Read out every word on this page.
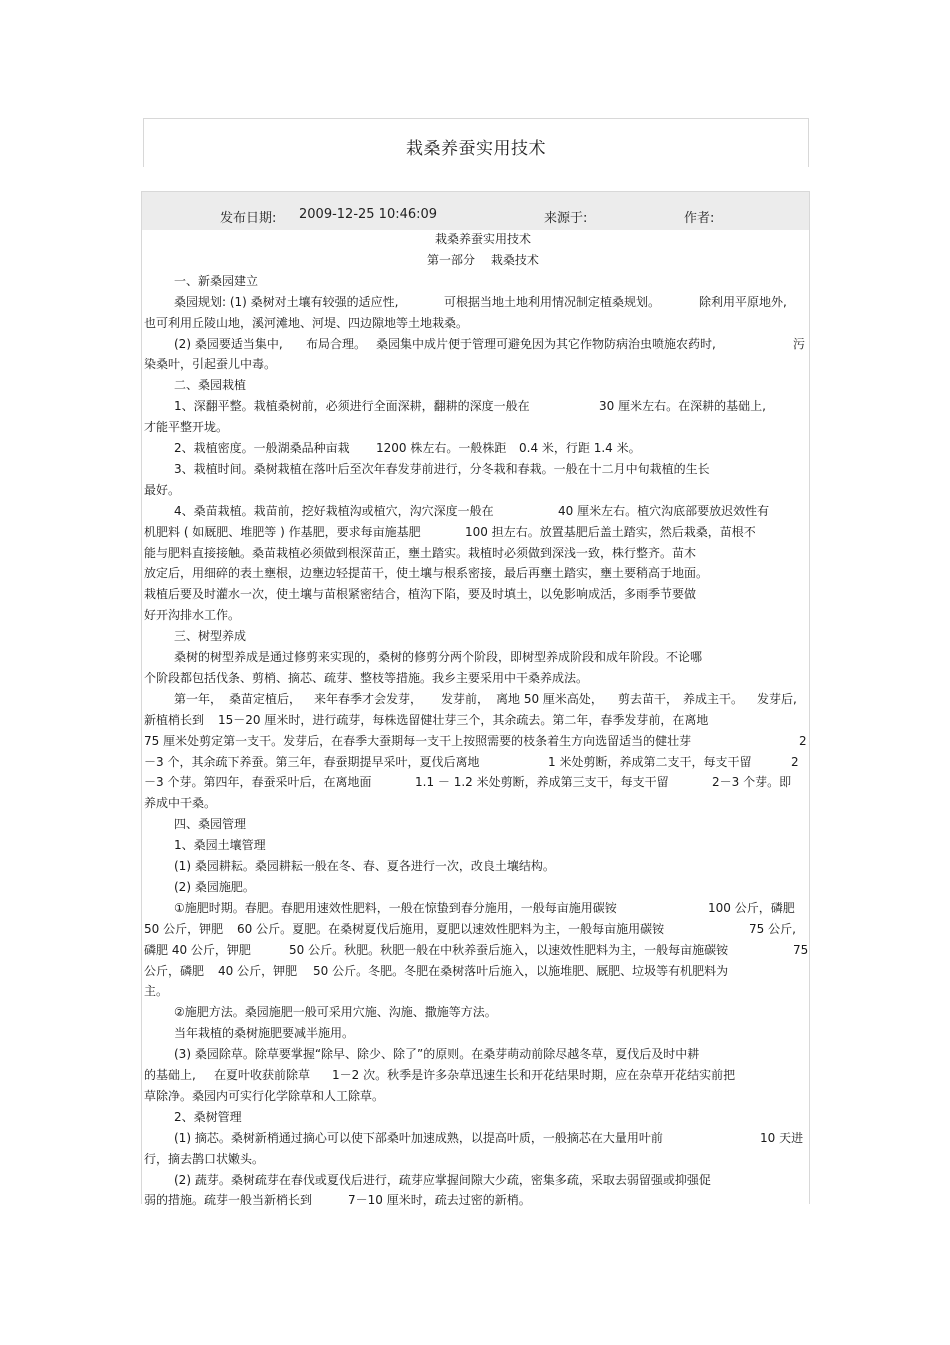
栽桑养蚕实用技术
发布日期: 2009-12-25 10:46:09	来源于:	作者:
栽桑养蚕实用技术
第一部分　 栽桑技术
一、新桑园建立
桑园规划: (1) 桑树对土壤有较强的适应性,	可根据当地土地利用情况制定植桑规划。	除利用平原地外,
也可利用丘陵山地，溪河滩地、河堤、四边隙地等土地栽桑。
(2) 桑园要适当集中, 布局合理。 桑园集中成片便于管理可避免因为其它作物防病治虫喷施农药时,	污
染桑叶，引起蚕儿中毒。
二、桑园栽植
1、深翻平整。栽植桑树前，必须进行全面深耕，翻耕的深度一般在	30 厘米左右。在深耕的基础上,
才能平整开垅。
2、栽植密度。一般湖桑品种亩栽 1200 株左右。一般株距 0.4 米，行距 1.4 米。
3、栽植时间。桑树栽植在落叶后至次年春发芽前进行，分冬栽和春栽。一般在十二月中旬栽植的生长
最好。
4、桑苗栽植。栽苗前，挖好栽植沟或植穴，沟穴深度一般在	40 厘米左右。植穴沟底部要放迟效性有
机肥料 ( 如厩肥、堆肥等 ) 作基肥，要求每亩施基肥	100 担左右。放置基肥后盖土踏实，然后栽桑，苗根不
能与肥料直接接触。桑苗栽植必须做到根深苗正，壅土踏实。栽植时必须做到深浅一致，株行整齐。苗木
放定后，用细碎的表土壅根，边壅边轻提苗干，使土壤与根系密接，最后再壅土踏实，壅土要稍高于地面。
栽植后要及时灌水一次，使土壤与苗根紧密结合，植沟下陷，要及时填土，以免影响成活，多雨季节要做
好开沟排水工作。
三、树型养成
桑树的树型养成是通过修剪来实现的，桑树的修剪分两个阶段，即树型养成阶段和成年阶段。不论哪
个阶段都包括伐条、剪梢、摘芯、疏芽、整枝等措施。我乡主要采用中干桑养成法。
第一年， 桑苗定植后， 来年春季才会发芽， 发芽前， 离地 50 厘米高处， 剪去苗干， 养成主干。 发芽后,
新植梢长到 15－20 厘米时，进行疏芽，每株选留健壮芽三个，其余疏去。第二年，春季发芽前，在离地
75 厘米处剪定第一支干。发芽后，在春季大蚕期每一支干上按照需要的枝条着生方向选留适当的健壮芽	2
－3 个，其余疏下养蚕。第三年，春蚕期提早采叶，夏伐后离地	1 米处剪断，养成第二支干，每支干留	2
－3 个芽。第四年，春蚕采叶后，在离地面	1.1 － 1.2 米处剪断，养成第三支干，每支干留	2－3 个芽。即
养成中干桑。
四、桑园管理
1、桑园土壤管理
(1) 桑园耕耘。桑园耕耘一般在冬、春、夏各进行一次，改良土壤结构。
(2) 桑园施肥。
①施肥时期。春肥。春肥用速效性肥料，一般在惊蛰到春分施用，一般每亩施用碳铵	100 公斤，磷肥
50 公斤，钾肥 60 公斤。夏肥。在桑树夏伐后施用，夏肥以速效性肥料为主，一般每亩施用碳铵	75 公斤,
磷肥 40 公斤，钾肥	50 公斤。秋肥。秋肥一般在中秋养蚕后施入，以速效性肥料为主，一般每亩施碳铵	75
公斤，磷肥 40 公斤，钾肥 50 公斤。冬肥。冬肥在桑树落叶后施入，以施堆肥、厩肥、垃圾等有机肥料为
主。
②施肥方法。桑园施肥一般可采用穴施、沟施、撒施等方法。
当年栽植的桑树施肥要减半施用。
(3) 桑园除草。除草要掌握“除早、除少、除了”的原则。在桑芽萌动前除尽越冬草，夏伐后及时中耕
的基础上, 在夏叶收获前除草 1－2 次。秋季是许多杂草迅速生长和开花结果时期，应在杂草开花结实前把
草除净。桑园内可实行化学除草和人工除草。
2、桑树管理
(1) 摘芯。桑树新梢通过摘心可以使下部桑叶加速成熟，以提高叶质，一般摘芯在大量用叶前	10 天进
行，摘去鹊口状嫩头。
(2) 蔬芽。桑树疏芽在春伐或夏伐后进行，疏芽应掌握间隙大少疏，密集多疏，采取去弱留强或抑强促
弱的措施。疏芽一般当新梢长到	7－10 厘米时，疏去过密的新梢。
